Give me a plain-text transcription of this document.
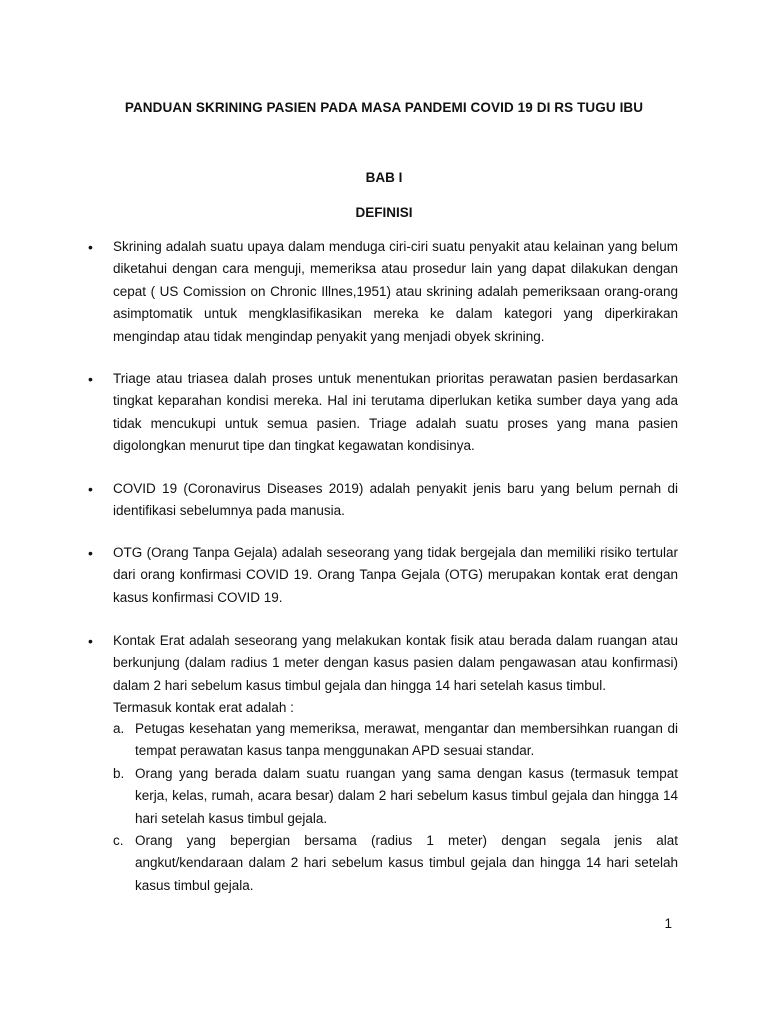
PANDUAN SKRINING PASIEN PADA MASA PANDEMI COVID 19 DI RS TUGU IBU

BAB I

DEFINISI

•	Skrining adalah suatu upaya dalam menduga ciri-ciri suatu penyakit atau kelainan yang belum diketahui dengan cara menguji, memeriksa atau prosedur lain yang dapat dilakukan dengan cepat ( US Comission on Chronic Illnes,1951) atau skrining adalah pemeriksaan orang-orang asimptomatik untuk mengklasifikasikan mereka ke dalam kategori yang diperkirakan mengindap atau tidak mengindap penyakit yang menjadi obyek skrining.
•	Triage atau triasea dalah proses untuk menentukan prioritas perawatan pasien berdasarkan tingkat keparahan kondisi mereka. Hal ini terutama diperlukan ketika sumber daya yang ada tidak mencukupi untuk semua pasien. Triage adalah suatu proses yang mana pasien digolongkan menurut tipe dan tingkat kegawatan kondisinya.
•	COVID 19 (Coronavirus Diseases 2019) adalah penyakit jenis baru yang belum pernah di identifikasi sebelumnya pada manusia.
•	OTG (Orang Tanpa Gejala) adalah seseorang yang tidak bergejala dan memiliki risiko tertular dari orang konfirmasi COVID 19. Orang Tanpa Gejala (OTG) merupakan kontak erat dengan kasus konfirmasi COVID 19.
•	Kontak Erat adalah seseorang yang melakukan kontak fisik atau berada dalam ruangan atau berkunjung (dalam radius 1 meter dengan kasus pasien dalam pengawasan atau konfirmasi) dalam 2 hari sebelum kasus timbul gejala dan hingga 14 hari setelah kasus timbul.
Termasuk kontak erat adalah :
a. Petugas kesehatan yang memeriksa, merawat, mengantar dan membersihkan ruangan di tempat perawatan kasus tanpa menggunakan APD sesuai standar.
b. Orang yang berada dalam suatu ruangan yang sama dengan kasus (termasuk tempat kerja, kelas, rumah, acara besar) dalam 2 hari sebelum kasus timbul gejala dan hingga 14 hari setelah kasus timbul gejala.
c. Orang yang bepergian bersama (radius 1 meter) dengan segala jenis alat angkut/kendaraan dalam 2 hari sebelum kasus timbul gejala dan hingga 14 hari setelah kasus timbul gejala.
1
